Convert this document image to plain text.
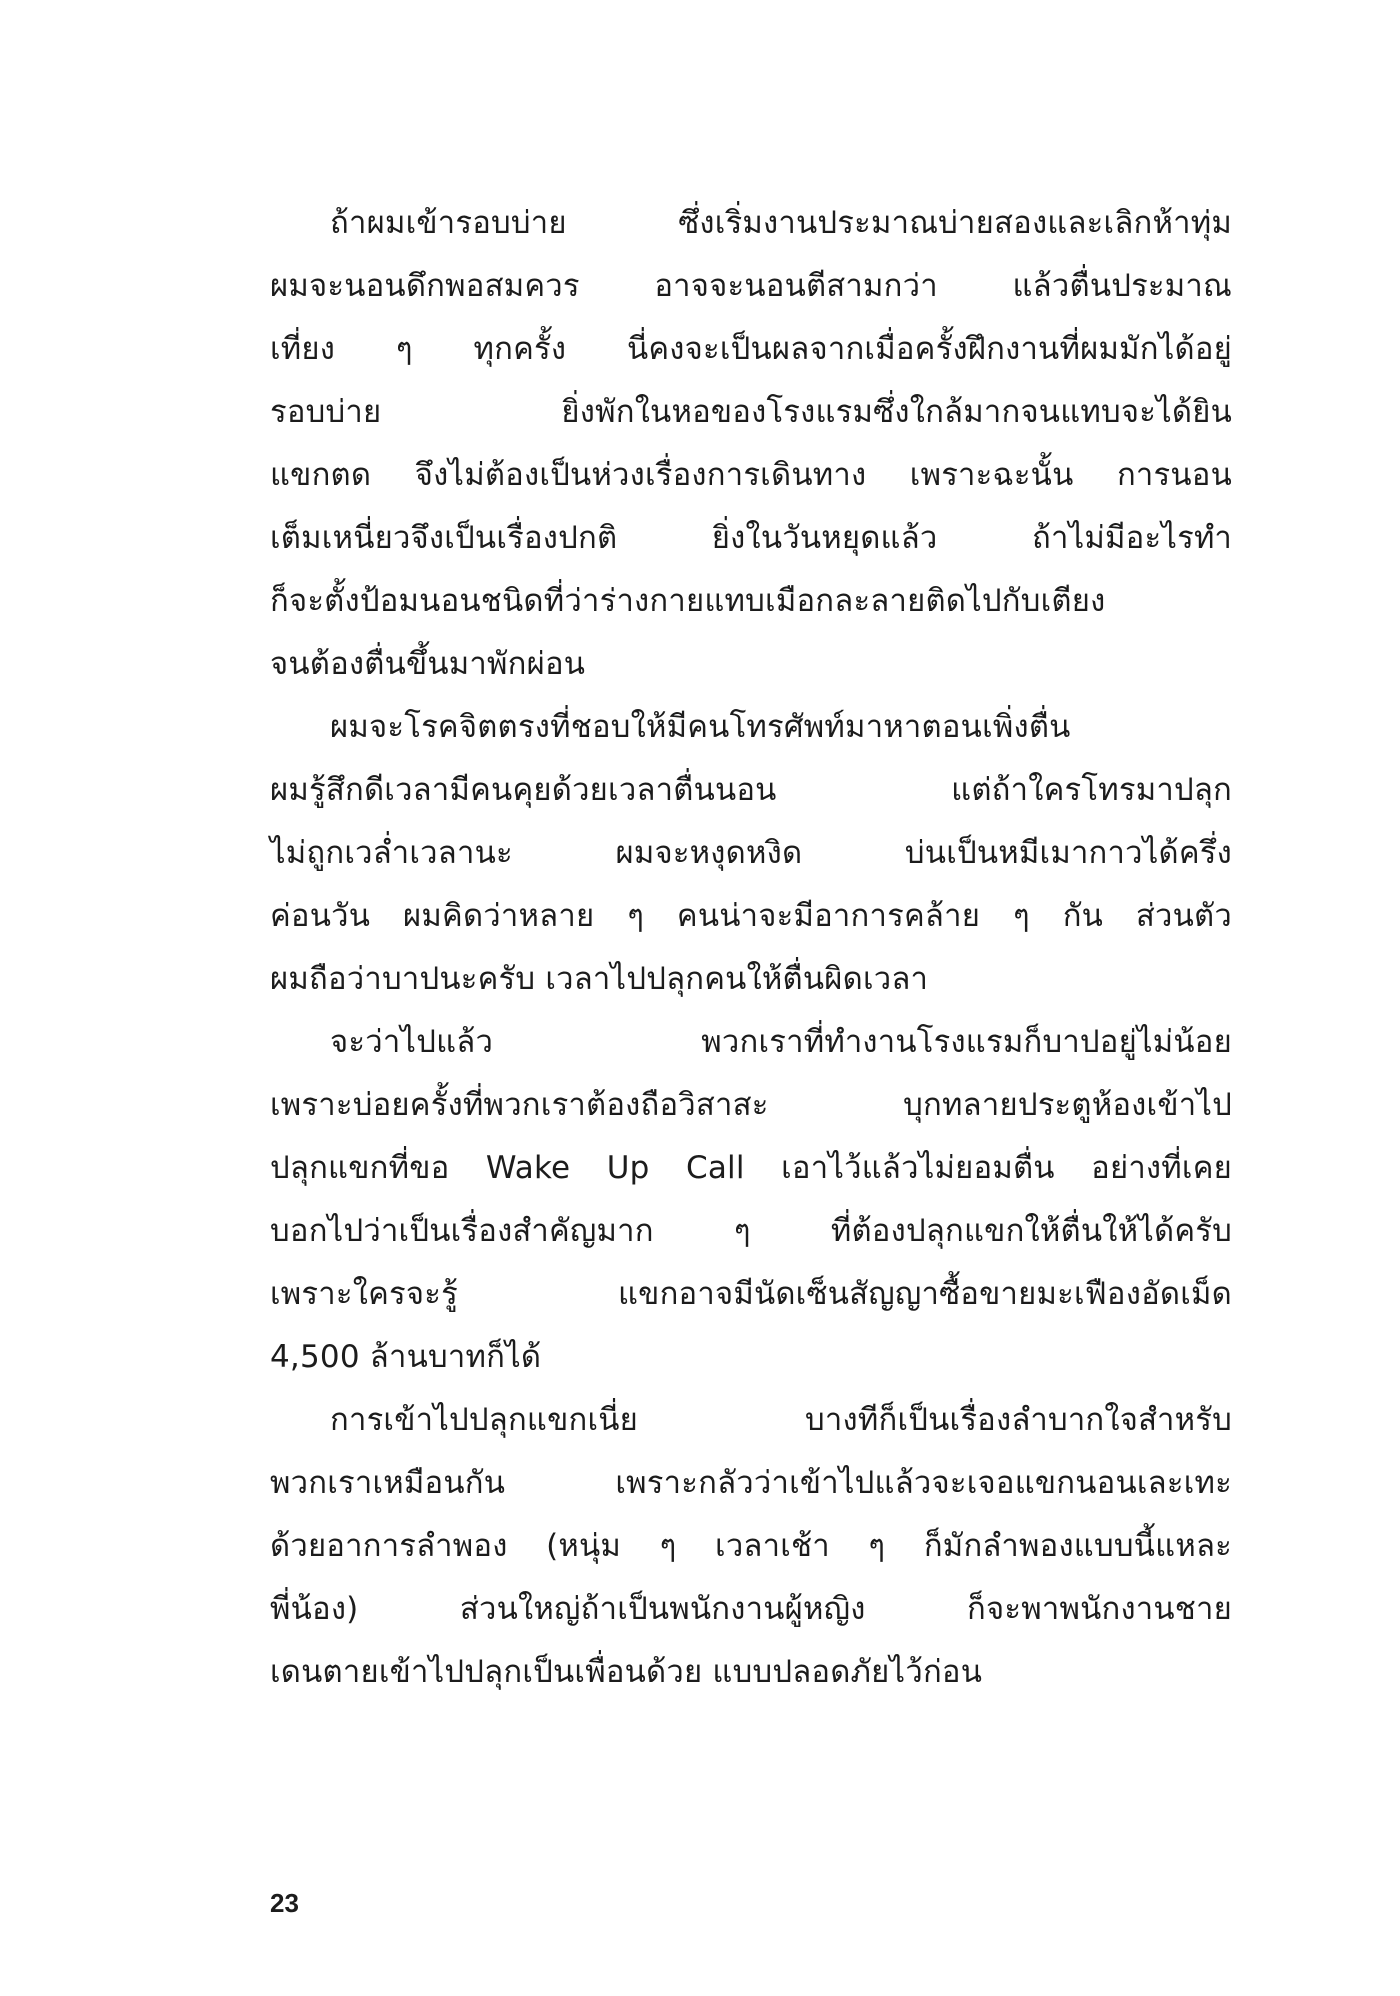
ถ้าผมเข้ารอบบ่าย ซึ่งเริ่มงานประมาณบ่ายสองและเลิกห้าทุ่ม
ผมจะนอนดึกพอสมควร อาจจะนอนตีสามกว่า แล้วตื่นประมาณ
เที่ยง ๆ ทุกครั้ง นี่คงจะเป็นผลจากเมื่อครั้งฝึกงานที่ผมมักได้อยู่
รอบบ่าย ยิ่งพักในหอของโรงแรมซึ่งใกล้มากจนแทบจะได้ยิน
แขกตด จึงไม่ต้องเป็นห่วงเรื่องการเดินทาง เพราะฉะนั้น การนอน
เต็มเหนี่ยวจึงเป็นเรื่องปกติ ยิ่งในวันหยุดแล้ว ถ้าไม่มีอะไรทำ
ก็จะตั้งป้อมนอนชนิดที่ว่าร่างกายแทบเมือกละลายติดไปกับเตียง
จนต้องตื่นขึ้นมาพักผ่อน
ผมจะโรคจิตตรงที่ชอบให้มีคนโทรศัพท์มาหาตอนเพิ่งตื่น
ผมรู้สึกดีเวลามีคนคุยด้วยเวลาตื่นนอน แต่ถ้าใครโทรมาปลุก
ไม่ถูกเวล่ำเวลานะ ผมจะหงุดหงิด บ่นเป็นหมีเมากาวได้ครึ่ง
ค่อนวัน ผมคิดว่าหลาย ๆ คนน่าจะมีอาการคล้าย ๆ กัน ส่วนตัว
ผมถือว่าบาปนะครับ เวลาไปปลุกคนให้ตื่นผิดเวลา
จะว่าไปแล้ว พวกเราที่ทำงานโรงแรมก็บาปอยู่ไม่น้อย
เพราะบ่อยครั้งที่พวกเราต้องถือวิสาสะ บุกทลายประตูห้องเข้าไป
ปลุกแขกที่ขอ Wake Up Call เอาไว้แล้วไม่ยอมตื่น อย่างที่เคย
บอกไปว่าเป็นเรื่องสำคัญมาก ๆ ที่ต้องปลุกแขกให้ตื่นให้ได้ครับ
เพราะใครจะรู้ แขกอาจมีนัดเซ็นสัญญาซื้อขายมะเฟืองอัดเม็ด
4,500 ล้านบาทก็ได้
การเข้าไปปลุกแขกเนี่ย บางทีก็เป็นเรื่องลำบากใจสำหรับ
พวกเราเหมือนกัน เพราะกลัวว่าเข้าไปแล้วจะเจอแขกนอนเละเทะ
ด้วยอาการลำพอง (หนุ่ม ๆ เวลาเช้า ๆ ก็มักลำพองแบบนี้แหละ
พี่น้อง) ส่วนใหญ่ถ้าเป็นพนักงานผู้หญิง ก็จะพาพนักงานชาย
เดนตายเข้าไปปลุกเป็นเพื่อนด้วย แบบปลอดภัยไว้ก่อน
23
